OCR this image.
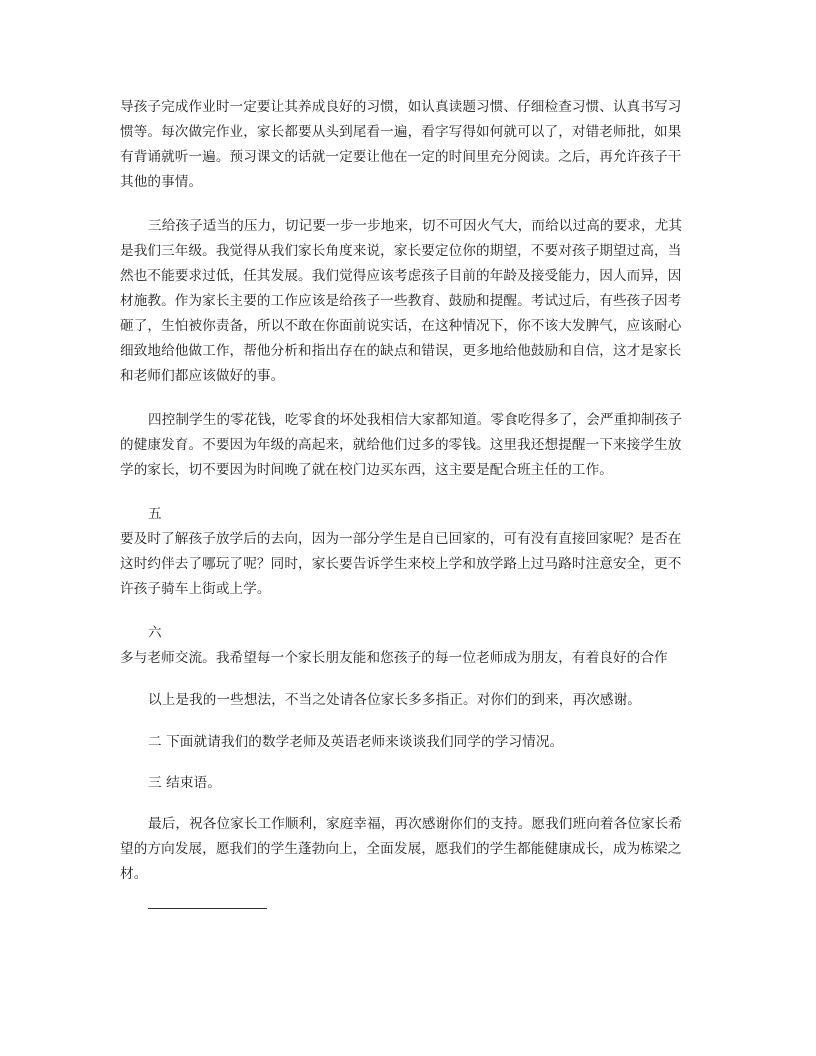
导孩子完成作业时一定要让其养成良好的习惯，如认真读题习惯、仔细检查习惯、认真书写习
惯等。每次做完作业，家长都要从头到尾看一遍，看字写得如何就可以了，对错老师批，如果
有背诵就听一遍。预习课文的话就一定要让他在一定的时间里充分阅读。之后，再允许孩子干
其他的事情。
三给孩子适当的压力，切记要一步一步地来，切不可因火气大，而给以过高的要求，尤其
是我们三年级。我觉得从我们家长角度来说，家长要定位你的期望，不要对孩子期望过高，当
然也不能要求过低，任其发展。我们觉得应该考虑孩子目前的年龄及接受能力，因人而异，因
材施教。作为家长主要的工作应该是给孩子一些教育、鼓励和提醒。考试过后，有些孩子因考
砸了，生怕被你责备，所以不敢在你面前说实话，在这种情况下，你不该大发脾气，应该耐心
细致地给他做工作，帮他分析和指出存在的缺点和错误，更多地给他鼓励和自信，这才是家长
和老师们都应该做好的事。
四控制学生的零花钱，吃零食的坏处我相信大家都知道。零食吃得多了，会严重抑制孩子
的健康发育。不要因为年级的高起来，就给他们过多的零钱。这里我还想提醒一下来接学生放
学的家长，切不要因为时间晚了就在校门边买东西，这主要是配合班主任的工作。
五
要及时了解孩子放学后的去向，因为一部分学生是自已回家的，可有没有直接回家呢？是否在
这时约伴去了哪玩了呢？同时，家长要告诉学生来校上学和放学路上过马路时注意安全，更不
许孩子骑车上街或上学。
六
多与老师交流。我希望每一个家长朋友能和您孩子的每一位老师成为朋友，有着良好的合作
以上是我的一些想法，不当之处请各位家长多多指正。对你们的到来，再次感谢。
二 下面就请我们的数学老师及英语老师来谈谈我们同学的学习情况。
三 结束语。
最后，祝各位家长工作顺利，家庭幸福，再次感谢你们的支持。愿我们班向着各位家长希
望的方向发展，愿我们的学生蓬勃向上，全面发展，愿我们的学生都能健康成长，成为栋梁之
材。
